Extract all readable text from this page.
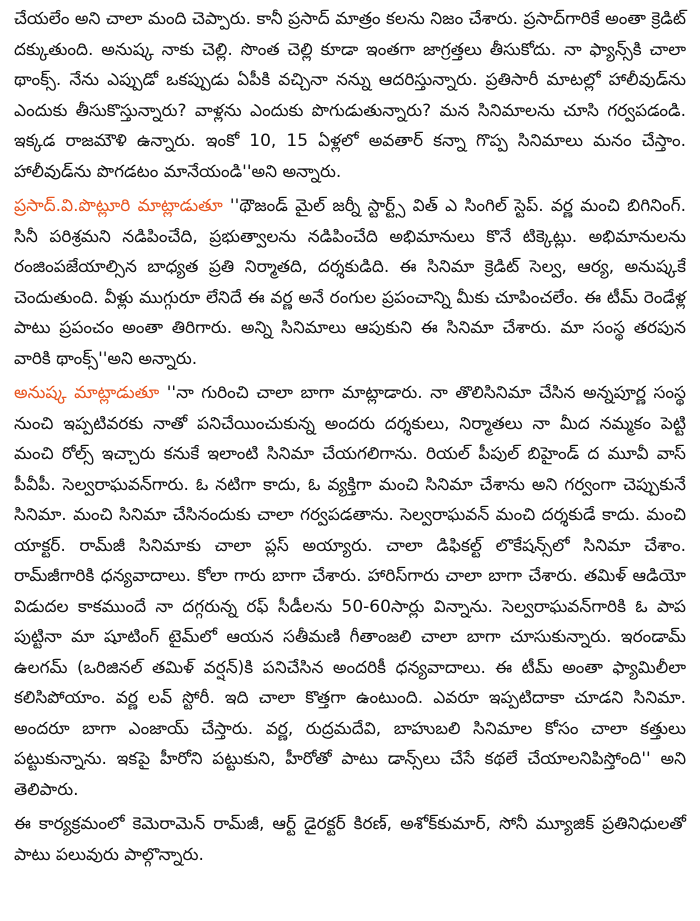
చేయలేం అని చాలా మంది చెప్పారు. కానీ ప్రసాద్ మాత్రం కలను నిజం చేశారు. ప్రసాద్‌గారికే అంతా క్రెడిట్ దక్కుతుంది. అనుష్క నాకు చెల్లి. సొంత చెల్లి కూడా ఇంతగా జాగ్రత్తలు తీసుకోదు. నా ఫ్యాన్స్‌కి చాలా థాంక్స్. నేను ఎప్పుడో ఒకప్పుడు ఏపీకి వచ్చినా నన్ను ఆదరిస్తున్నారు. ప్రతిసారీ మాటల్లో హాలీవుడ్‌ను ఎందుకు తీసుకొస్తున్నారు? వాళ్లను ఎందుకు పొగుడుతున్నారు? మన సినిమాలను చూసి గర్వపడండి. ఇక్కడ రాజమౌళి ఉన్నారు. ఇంకో 10, 15 ఏళ్లలో అవతార్ కన్నా గొప్ప సినిమాలు మనం చేస్తాం. హాలీవుడ్‌ను పొగడటం మానేయండి''అని అన్నారు.

ప్రసాద్.వి.పొట్లూరి మాట్లాడుతూ ''థౌజండ్ మైల్ జర్నీ స్టార్ట్స్ విత్ ఎ సింగిల్ స్టెప్. వర్ణ మంచి బిగినింగ్. సినీ పరిశ్రమని నడిపించేది, ప్రభుత్వాలను నడిపించేది అభిమానులు కొనే టిక్కెట్లు. అభిమానులను రంజింపజేయాల్సిన బాధ్యత ప్రతి నిర్మాతది, దర్శకుడిది. ఈ సినిమా క్రెడిట్ సెల్వ, ఆర్య, అనుష్కకే చెందుతుంది. వీళ్లు ముగ్గురూ లేనిదే ఈ వర్ణ అనే రంగుల ప్రపంచాన్ని మీకు చూపించలేం. ఈ టీమ్ రెండేళ్ల పాటు ప్రపంచం అంతా తిరిగారు. అన్ని సినిమాలు ఆపుకుని ఈ సినిమా చేశారు. మా సంస్థ తరపున వారికి థాంక్స్''అని అన్నారు.

అనుష్క మాట్లాడుతూ ''నా గురించి చాలా బాగా మాట్లాడారు. నా తొలిసినిమా చేసిన అన్నపూర్ణ సంస్థ నుంచి ఇప్పటివరకు నాతో పనిచేయించుకున్న అందరు దర్శకులు, నిర్మాతలు నా మీద నమ్మకం పెట్టి మంచి రోల్స్ ఇచ్చారు కనుకే ఇలాంటి సినిమా చేయగలిగాను. రియల్ పీపుల్ బిహైండ్ ద మూవీ వాస్ పీవీపీ. సెల్వరాఘవన్‌గారు. ఓ నటిగా కాదు, ఓ వ్యక్తిగా మంచి సినిమా చేశాను అని గర్వంగా చెప్పుకునే సినిమా. మంచి సినిమా చేసినందుకు చాలా గర్వపడతాను. సెల్వరాఘవన్ మంచి దర్శకుడే కాదు. మంచి యాక్టర్. రామ్‌జీ సినిమాకు చాలా ప్లస్ అయ్యారు. చాలా డిఫికల్ట్ లొకేషన్స్‌లో సినిమా చేశాం. రామ్‌జీగారికి ధన్యవాదాలు. కోలా గారు బాగా చేశారు. హారిస్‌గారు చాలా బాగా చేశారు. తమిళ్ ఆడియో విడుదల కాకముందే నా దగ్గరున్న రఫ్ సీడీలను 50-60సార్లు విన్నాను. సెల్వరాఘవన్‌గారికి ఓ పాప పుట్టినా మా షూటింగ్ టైమ్‌లో ఆయన సతీమణి గీతాంజలి చాలా బాగా చూసుకున్నారు. ఇరండామ్ ఉలగమ్ (ఒరిజినల్ తమిళ్ వర్షన్)కి పనిచేసిన అందరికీ ధన్యవాదాలు. ఈ టీమ్ అంతా ఫ్యామిలీలా కలిసిపోయాం. వర్ణ లవ్ స్టోరీ. ఇది చాలా కొత్తగా ఉంటుంది. ఎవరూ ఇప్పటిదాకా చూడని సినిమా. అందరూ బాగా ఎంజాయ్ చేస్తారు. వర్ణ, రుద్రమదేవి, బాహుబలి సినిమాల కోసం చాలా కత్తులు పట్టుకున్నాను. ఇకపై హీరోని పట్టుకుని, హీరోతో పాటు డాన్స్‌లు చేసే కథలే చేయాలనిపిస్తోంది'' అని తెలిపారు.

ఈ కార్యక్రమంలో కెమెరామెన్ రామ్‌జీ, ఆర్ట్ డైరక్టర్ కిరణ్, అశోక్‌కుమార్, సోనీ మ్యూజిక్ ప్రతినిధులతో పాటు పలువురు పాల్గొన్నారు.
